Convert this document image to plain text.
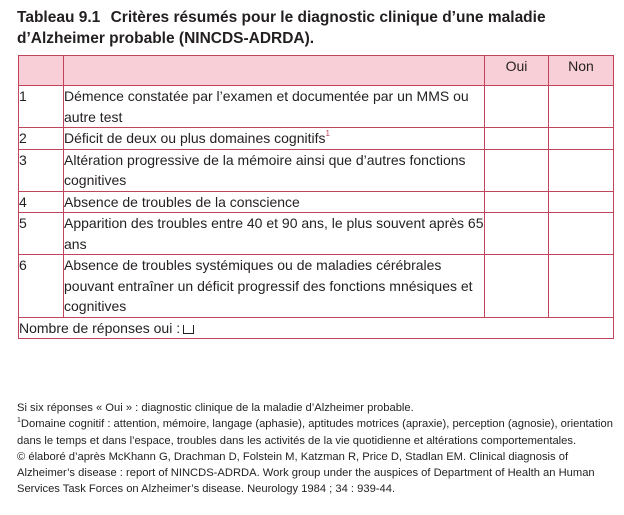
Tableau 9.1 Critères résumés pour le diagnostic clinique d’une maladie d’Alzheimer probable (NINCDS-ADRDA).
		Oui	Non
1	Démence constatée par l’examen et documentée par un MMS ou autre test		
2	Déficit de deux ou plus domaines cognitifs$^1$		
3	Altération progressive de la mémoire ainsi que d’autres fonctions cognitives		
4	Absence de troubles de la conscience		
5	Apparition des troubles entre 40 et 90 ans, le plus souvent après 65 ans		
6	Absence de troubles systémiques ou de maladies cérébrales pouvant entraîner un déficit progressif des fonctions mnésiques et cognitives		
Nombre de réponses oui :			

Si six réponses « Oui » : diagnostic clinique de la maladie d’Alzheimer probable.

$^1$Domaine cognitif : attention, mémoire, langage (aphasie), aptitudes motrices (apraxie), perception (agnosie), orientation dans le temps et dans l’espace, troubles dans les activités de la vie quotidienne et altérations comportementales.

© élaboré d’après McKhann G, Drachman D, Folstein M, Katzman R, Price D, Stadlan EM. Clinical diagnosis of Alzheimer’s disease : report of NINCDS-ADRDA. Work group under the auspices of Department of Health an Human Services Task Forces on Alzheimer’s disease. Neurology 1984 ; 34 : 939-44.
